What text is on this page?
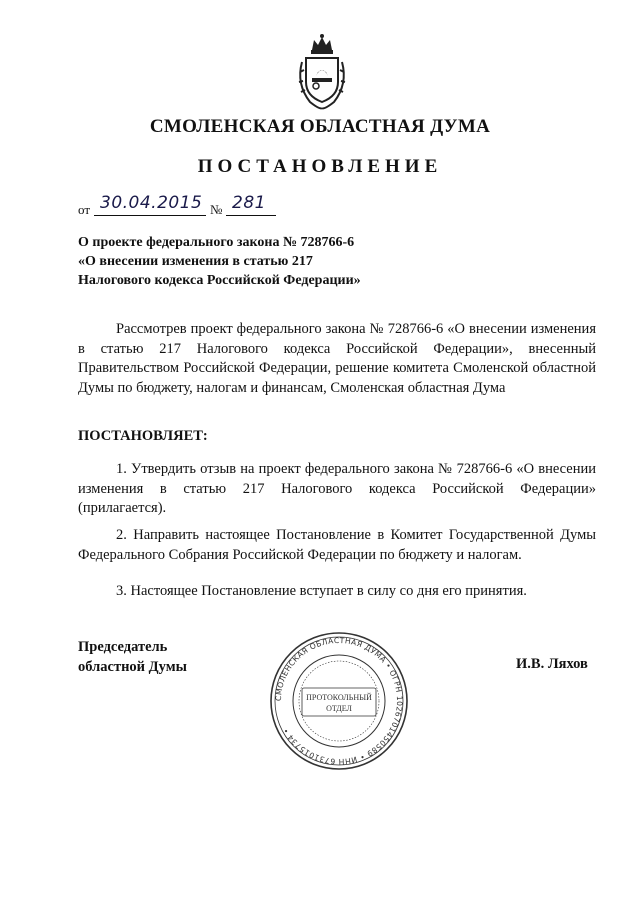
СМОЛЕНСКАЯ ОБЛАСТНАЯ ДУМА
ПОСТАНОВЛЕНИЕ
от 30.04.2015 № 281
О проекте федерального закона № 728766-6
«О внесении изменения в статью 217
Налогового кодекса Российской Федерации»
Рассмотрев проект федерального закона № 728766-6 «О внесении изменения в статью 217 Налогового кодекса Российской Федерации», внесенный Правительством Российской Федерации, решение комитета Смоленской областной Думы по бюджету, налогам и финансам, Смоленская областная Дума
ПОСТАНОВЛЯЕТ:
1. Утвердить отзыв на проект федерального закона № 728766-6 «О внесении изменения в статью 217 Налогового кодекса Российской Федерации» (прилагается).
2. Направить настоящее Постановление в Комитет Государственной Думы Федерального Собрания Российской Федерации по бюджету и налогам.
3. Настоящее Постановление вступает в силу со дня его принятия.
Председатель
областной Думы	И.В. Ляхов
СМОЛЕНСКАЯ ОБЛАСТНАЯ ДУМА • ОГРН 1026701450589 • ИНН 6731015734 •
ПРОТОКОЛЬНЫЙ
ОТДЕЛ
